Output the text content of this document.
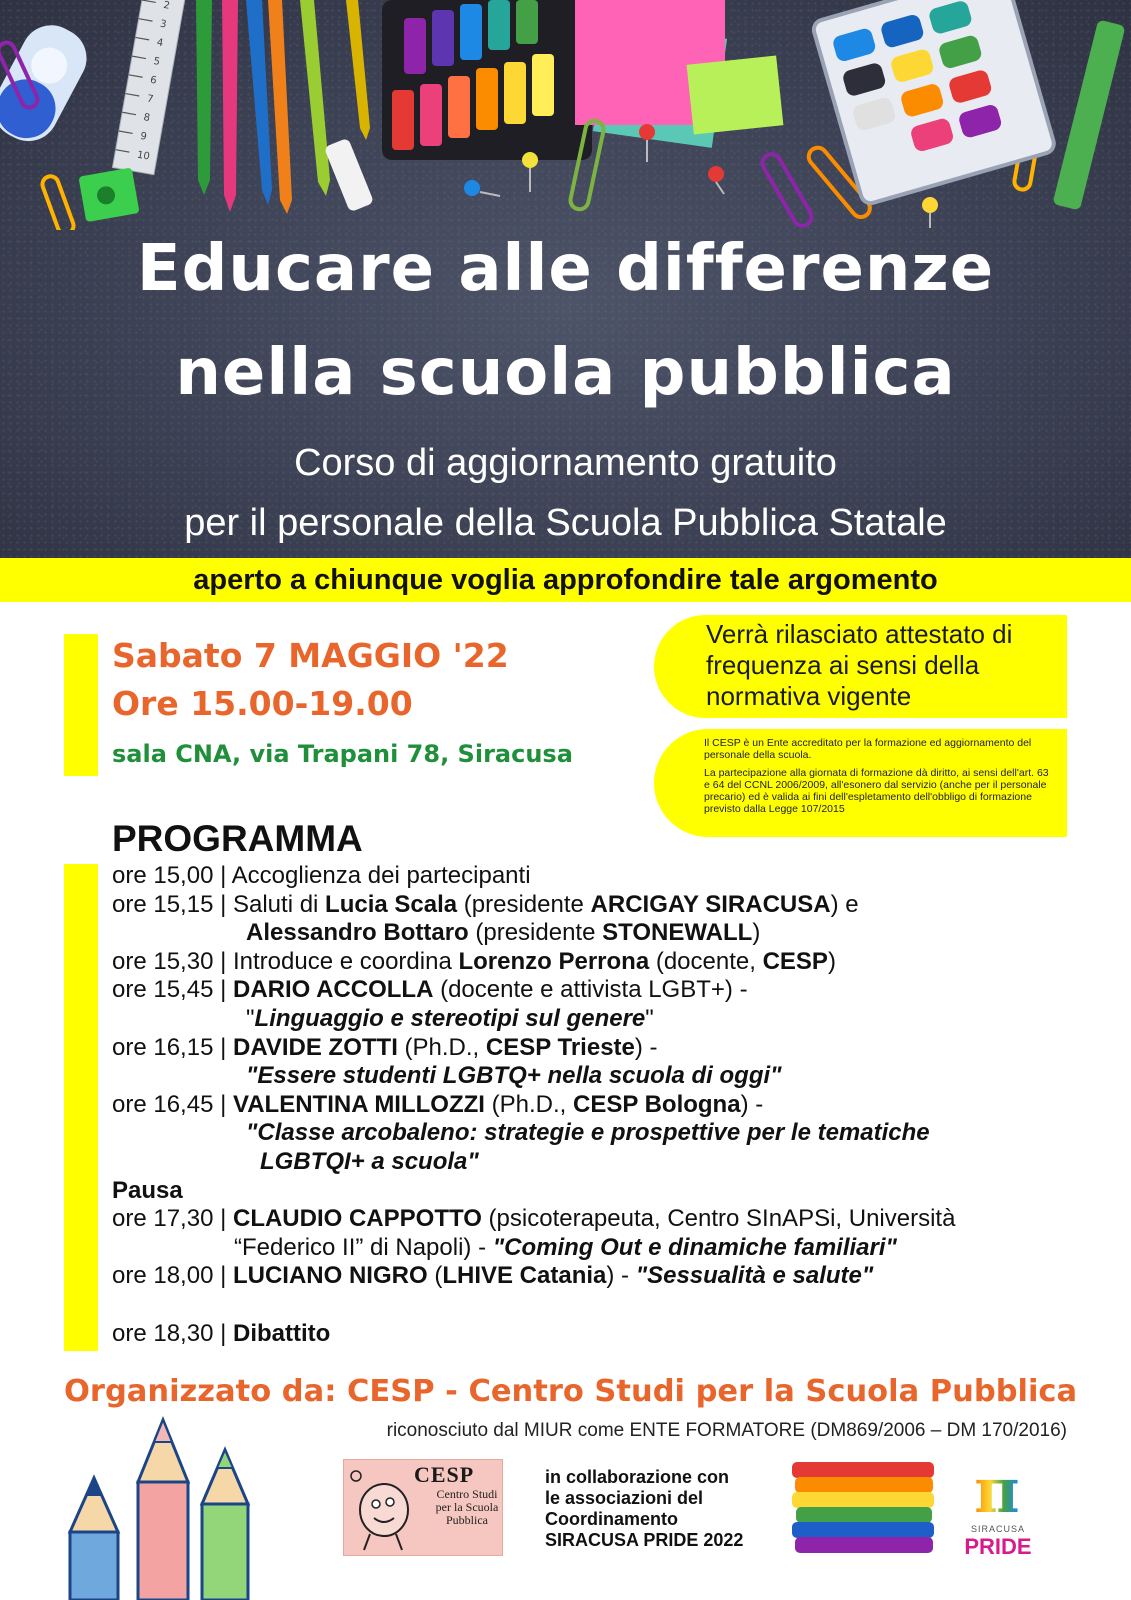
2
3
4
5
6
7
8
9
10
Educare alle differenze
nella scuola pubblica
Corso di aggiornamento gratuito
per il personale della Scuola Pubblica Statale
aperto a chiunque voglia approfondire tale argomento
Sabato 7 MAGGIO '22
Ore 15.00-19.00
sala CNA, via Trapani 78, Siracusa
Verrà rilasciato attestato di frequenza ai sensi della normativa vigente

Il CESP è un Ente accreditato per la formazione ed aggiornamento del personale della scuola.

La partecipazione alla giornata di formazione dà diritto, ai sensi dell'art. 63 e 64 del CCNL 2006/2009, all'esonero dal servizio (anche per il personale precario) ed è valida ai fini dell'espletamento dell'obbligo di formazione previsto dalla Legge 107/2015

PROGRAMMA
ore 15,00 | Accoglienza dei partecipanti
ore 15,15 | Saluti di Lucia Scala (presidente ARCIGAY SIRACUSA) e
Alessandro Bottaro (presidente STONEWALL)
ore 15,30 | Introduce e coordina Lorenzo Perrona (docente, CESP)
ore 15,45 | DARIO ACCOLLA (docente e attivista LGBT+) -
"Linguaggio e stereotipi sul genere"
ore 16,15 | DAVIDE ZOTTI (Ph.D., CESP Trieste) -
"Essere studenti LGBTQ+ nella scuola di oggi"
ore 16,45 | VALENTINA MILLOZZI (Ph.D., CESP Bologna) -
"Classe arcobaleno: strategie e prospettive per le tematiche
LGBTQI+ a scuola"
Pausa
ore 17,30 | CLAUDIO CAPPOTTO (psicoterapeuta, Centro SInAPSi, Università
“Federico II” di Napoli) - "Coming Out e dinamiche familiari"
ore 18,00 | LUCIANO NIGRO (LHIVE Catania) - "Sessualità e salute"
ore 18,30 | Dibattito
Organizzato da: CESP - Centro Studi per la Scuola Pubblica
riconosciuto dal MIUR come ENTE FORMATORE (DM869/2006 – DM 170/2016)
CESP
Centro Studi per la Scuola Pubblica
in collaborazione con
le associazioni del
Coordinamento
SIRACUSA PRIDE 2022
π
SIRACUSA
PRIDE
